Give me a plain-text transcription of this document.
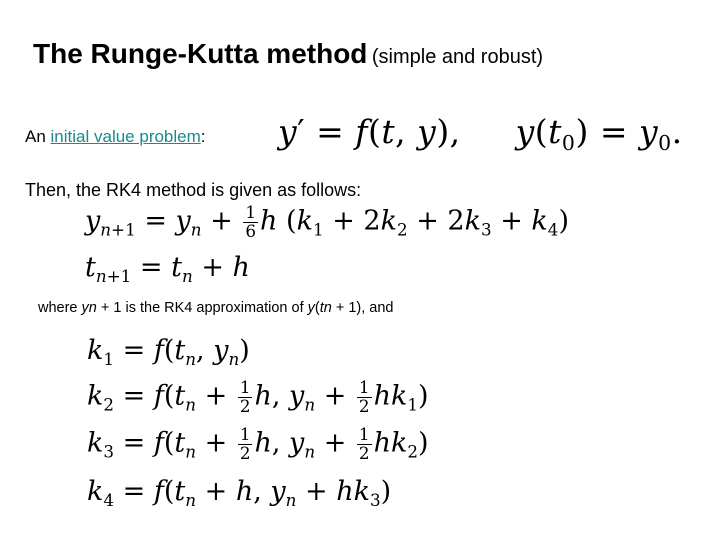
The Runge-Kutta method (simple and robust)
An initial value problem: y′ = f(t, y),     $y(t_0) = y_0$.
Then, the RK4 method is given as follows:
$y_{n+1} = y_n + \frac{1}{6}$ h $(k_1 + 2k_2 + 2k_3 + k_4)$
$t_{n+1} = t_n + h$
where yn + 1 is the RK4 approximation of y(tn + 1), and
$k_1 = f(t_n$, $y_n$)
$k_2 = f(t_n + \frac{1}{2} h$, $y_n + \frac{1}{2} hk_1$)
$k_3 = f(t_n + \frac{1}{2} h$, $y_n + \frac{1}{2} hk_2$)
$k_4 = f(t_n + h$, $y_n + hk_3$)
